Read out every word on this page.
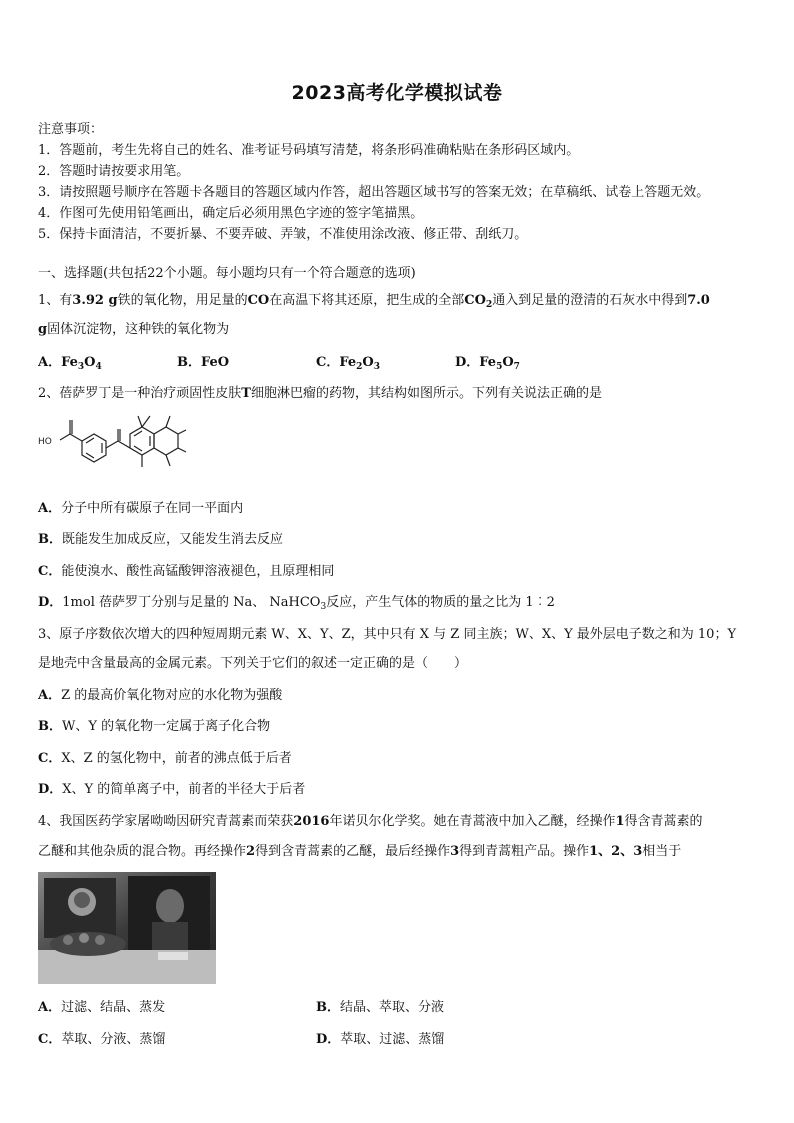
2023高考化学模拟试卷
注意事项：
1．答题前，考生先将自己的姓名、准考证号码填写清楚，将条形码准确粘贴在条形码区域内。
2．答题时请按要求用笔。
3．请按照题号顺序在答题卡各题目的答题区域内作答，超出答题区域书写的答案无效；在草稿纸、试卷上答题无效。
4．作图可先使用铅笔画出，确定后必须用黑色字迹的签字笔描黑。
5．保持卡面清洁，不要折暴、不要弄破、弄皱，不准使用涂改液、修正带、刮纸刀。
一、选择题(共包括22个小题。每小题均只有一个符合题意的选项)
1、有3.92 g铁的氧化物，用足量的CO在高温下将其还原，把生成的全部$CO_2$通入到足量的澄清的石灰水中得到7.0
g固体沉淀物，这种铁的氧化物为
A．$Fe_3O_4$	B．FeO	C．$Fe_2O_3$	D．$Fe_5O_7$
2、蓓萨罗丁是一种治疗顽固性皮肤T细胞淋巴瘤的药物，其结构如图所示。下列有关说法正确的是
HO
A．分子中所有碳原子在同一平面内
B．既能发生加成反应，又能发生消去反应
C．能使溴水、酸性高锰酸钾溶液褪色，且原理相同
D．1mol 蓓萨罗丁分别与足量的 Na、 NaHCO$_3$反应，产生气体的物质的量之比为 1︰2
3、原子序数依次增大的四种短周期元素 W、X、Y、Z，其中只有 X 与 Z 同主族；W、X、Y 最外层电子数之和为 10；Y
是地壳中含量最高的金属元素。下列关于它们的叙述一定正确的是（　　）
A．Z 的最高价氧化物对应的水化物为强酸
B．W、Y 的氧化物一定属于离子化合物
C．X、Z 的氢化物中，前者的沸点低于后者
D．X、Y 的简单离子中，前者的半径大于后者
4、我国医药学家屠呦呦因研究青蒿素而荣获2016年诺贝尔化学奖。她在青蒿液中加入乙醚，经操作1得含青蒿素的
乙醚和其他杂质的混合物。再经操作2得到含青蒿素的乙醚，最后经操作3得到青蒿粗产品。操作1、2、3相当于
A．过滤、结晶、蒸发	B．结晶、萃取、分液
C．萃取、分液、蒸馏	D．萃取、过滤、蒸馏
